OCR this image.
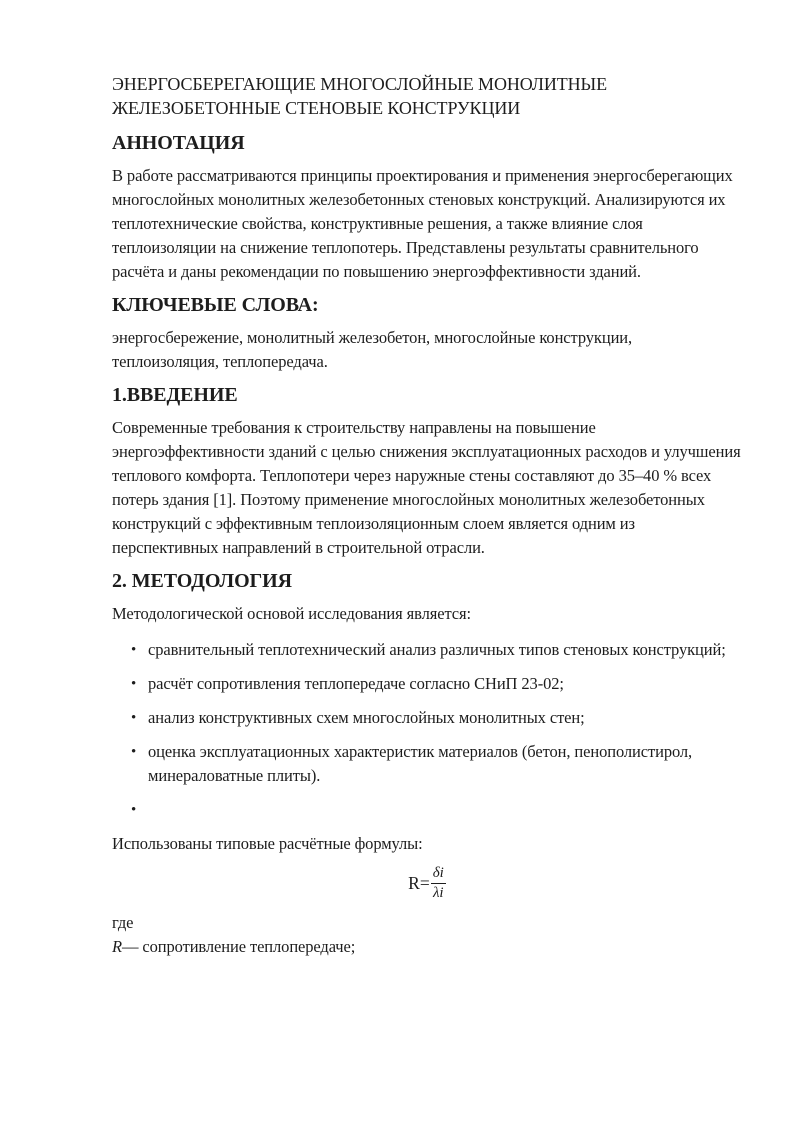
ЭНЕРГОСБЕРЕГАЮЩИЕ МНОГОСЛОЙНЫЕ МОНОЛИТНЫЕ
ЖЕЛЕЗОБЕТОННЫЕ СТЕНОВЫЕ КОНСТРУКЦИИ
АННОТАЦИЯ

В работе рассматриваются принципы проектирования и применения энергосберегающих многослойных монолитных железобетонных стеновых конструкций. Анализируются их теплотехнические свойства, конструктивные решения, а также влияние слоя теплоизоляции на снижение теплопотерь. Представлены результаты сравнительного расчёта и даны рекомендации по повышению энергоэффективности зданий.

КЛЮЧЕВЫЕ СЛОВА:

энергосбережение, монолитный железобетон, многослойные конструкции, теплоизоляция, теплопередача.

1.ВВЕДЕНИЕ

Современные требования к строительству направлены на повышение энергоэффективности зданий с целью снижения эксплуатационных расходов и улучшения теплового комфорта. Теплопотери через наружные стены составляют до 35–40 % всех потерь здания [1]. Поэтому применение многослойных монолитных железобетонных конструкций с эффективным теплоизоляционным слоем является одним из перспективных направлений в строительной отрасли.

2. МЕТОДОЛОГИЯ

Методологической основой исследования является:

• сравнительный теплотехнический анализ различных типов стеновых конструкций;
• расчёт сопротивления теплопередаче согласно СНиП 23-02;
• анализ конструктивных схем многослойных монолитных стен;
• оценка эксплуатационных характеристик материалов (бетон, пенополистирол, минераловатные плиты).
•

Использованы типовые расчётные формулы:

$R= \frac{\delta i}{\lambda i}$
где
R— сопротивление теплопередаче;
